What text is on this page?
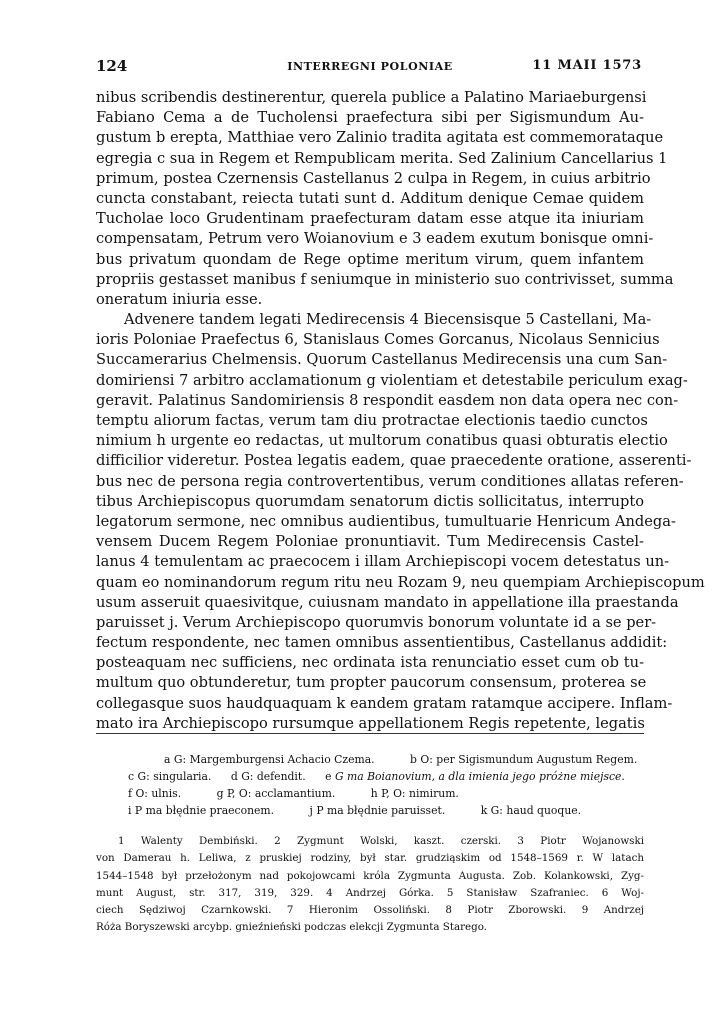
124	INTERREGNI POLONIAE	11 MAII 1573
nibus scribendis destinerentur, querela publice a Palatino Mariaeburgensi
Fabiano Cema a de Tucholensi praefectura sibi per Sigismundum Au-
gustum b erepta, Matthiae vero Zalinio tradita agitata est commemorataque
egregia c sua in Regem et Rempublicam merita. Sed Zalinium Cancellarius 1
primum, postea Czernensis Castellanus 2 culpa in Regem, in cuius arbitrio
cuncta constabant, reiecta tutati sunt d. Additum denique Cemae quidem
Tucholae loco Grudentinam praefecturam datam esse atque ita iniuriam
compensatam, Petrum vero Woianovium e 3 eadem exutum bonisque omni-
bus privatum quondam de Rege optime meritum virum, quem infantem
propriis gestasset manibus f seniumque in ministerio suo contrivisset, summa
oneratum iniuria esse.
Advenere tandem legati Medirecensis 4 Biecensisque 5 Castellani, Ma-
ioris Poloniae Praefectus 6, Stanislaus Comes Gorcanus, Nicolaus Sennicius
Succamerarius Chelmensis. Quorum Castellanus Medirecensis una cum San-
domiriensi 7 arbitro acclamationum g violentiam et detestabile periculum exag-
geravit. Palatinus Sandomiriensis 8 respondit easdem non data opera nec con-
temptu aliorum factas, verum tam diu protractae electionis taedio cunctos
nimium h urgente eo redactas, ut multorum conatibus quasi obturatis electio
difficilior videretur. Postea legatis eadem, quae praecedente oratione, asserenti-
bus nec de persona regia controvertentibus, verum conditiones allatas referen-
tibus Archiepiscopus quorumdam senatorum dictis sollicitatus, interrupto
legatorum sermone, nec omnibus audientibus, tumultuarie Henricum Andega-
vensem Ducem Regem Poloniae pronuntiavit. Tum Medirecensis Castel-
lanus 4 temulentam ac praecocem i illam Archiepiscopi vocem detestatus un-
quam eo nominandorum regum ritu neu Rozam 9, neu quempiam Archiepiscopum
usum asseruit quaesivitque, cuiusnam mandato in appellatione illa praestanda
paruisset j. Verum Archiepiscopo quorumvis bonorum voluntate id a se per-
fectum respondente, nec tamen omnibus assentientibus, Castellanus addidit:
posteaquam nec sufficiens, nec ordinata ista renunciatio esset cum ob tu-
multum quo obtunderetur, tum propter paucorum consensum, proterea se
collegasque suos haudquaquam k eandem gratam ratamque accipere. Inflam-
mato ira Archiepiscopo rursumque appellationem Regis repetente, legatis
a G: Margemburgensi Achacio Czema.	b O: per Sigismundum Augustum Regem.
c G: singularia. d G: defendit. e G ma Boianovium, a dla imienia jego próżne miejsce.
f O: ulnis.	g P, O: acclamantium.	h P, O: nimirum.
i P ma błędnie praeconem.	j P ma błędnie paruisset.	k G: haud quoque.
1 Walenty Dembiński. 2 Zygmunt Wolski, kaszt. czerski. 3 Piotr Wojanowski
von Damerau h. Leliwa, z pruskiej rodziny, był star. grudziąskim od 1548–1569 r. W latach
1544–1548 był przełożonym nad pokojowcami króla Zygmunta Augusta. Zob. Kolankowski, Zyg-
munt August, str. 317, 319, 329. 4 Andrzej Górka. 5 Stanisław Szafraniec. 6 Woj-
ciech Sędziwoj Czarnkowski. 7 Hieronim Ossoliński. 8 Piotr Zborowski. 9 Andrzej
Róża Boryszewski arcybp. gnieźnieński podczas elekcji Zygmunta Starego.
